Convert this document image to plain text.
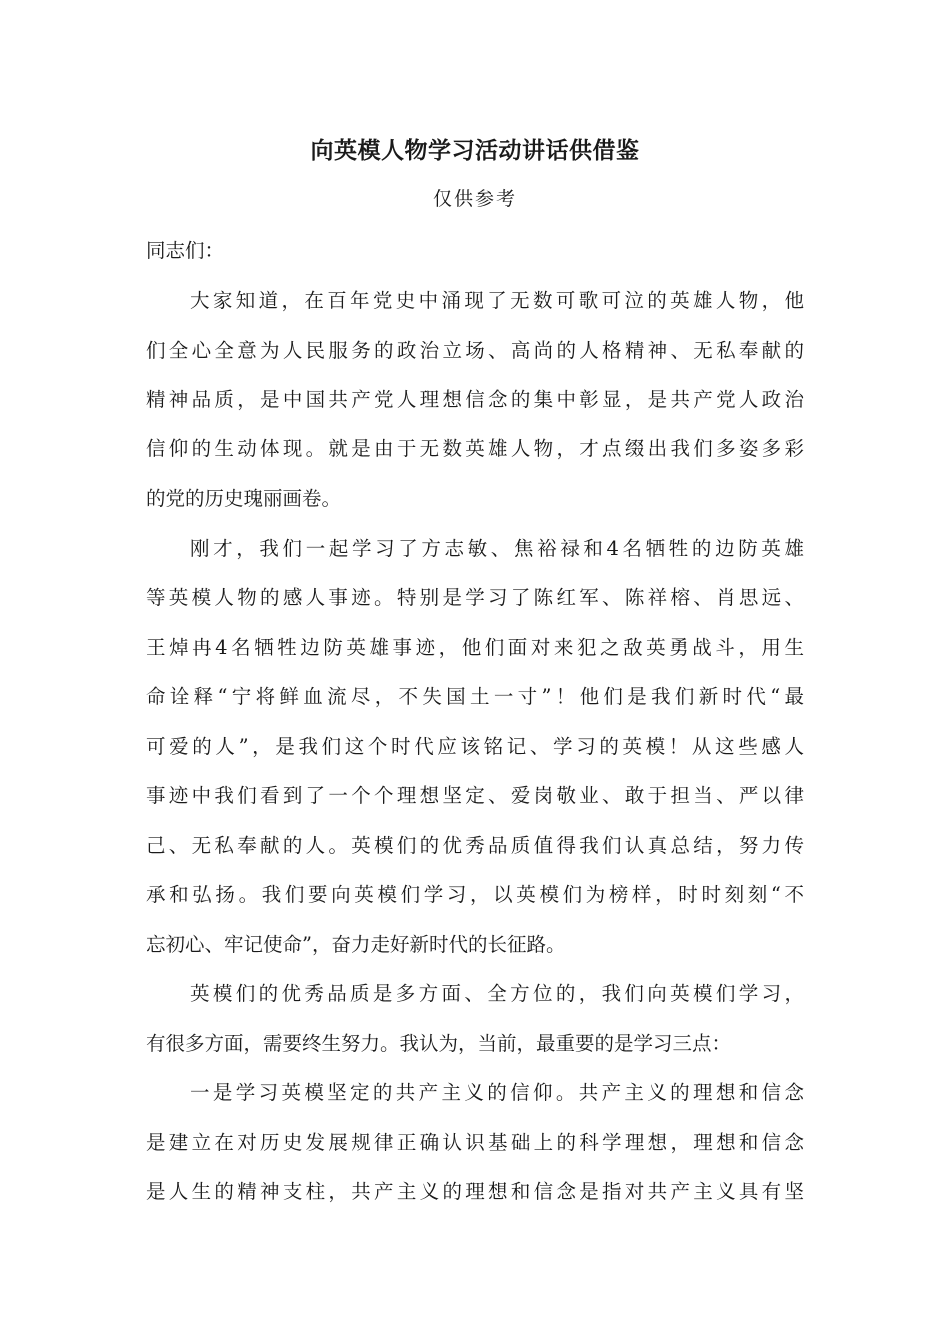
向英模人物学习活动讲话供借鉴
仅供参考
同志们：
大家知道，在百年党史中涌现了无数可歌可泣的英雄人物，他
们全心全意为人民服务的政治立场、高尚的人格精神、无私奉献的
精神品质，是中国共产党人理想信念的集中彰显，是共产党人政治
信仰的生动体现。就是由于无数英雄人物，才点缀出我们多姿多彩
的党的历史瑰丽画卷。
刚才，我们一起学习了方志敏、焦裕禄和4名牺牲的边防英雄
等英模人物的感人事迹。特别是学习了陈红军、陈祥榕、肖思远、
王焯冉4名牺牲边防英雄事迹，他们面对来犯之敌英勇战斗，用生
命诠释“宁将鲜血流尽，不失国土一寸”！他们是我们新时代“最
可爱的人”，是我们这个时代应该铭记、学习的英模！从这些感人
事迹中我们看到了一个个理想坚定、爱岗敬业、敢于担当、严以律
己、无私奉献的人。英模们的优秀品质值得我们认真总结，努力传
承和弘扬。我们要向英模们学习，以英模们为榜样，时时刻刻“不
忘初心、牢记使命”，奋力走好新时代的长征路。
英模们的优秀品质是多方面、全方位的，我们向英模们学习，
有很多方面，需要终生努力。我认为，当前，最重要的是学习三点：
一是学习英模坚定的共产主义的信仰。共产主义的理想和信念
是建立在对历史发展规律正确认识基础上的科学理想，理想和信念
是人生的精神支柱，共产主义的理想和信念是指对共产主义具有坚
